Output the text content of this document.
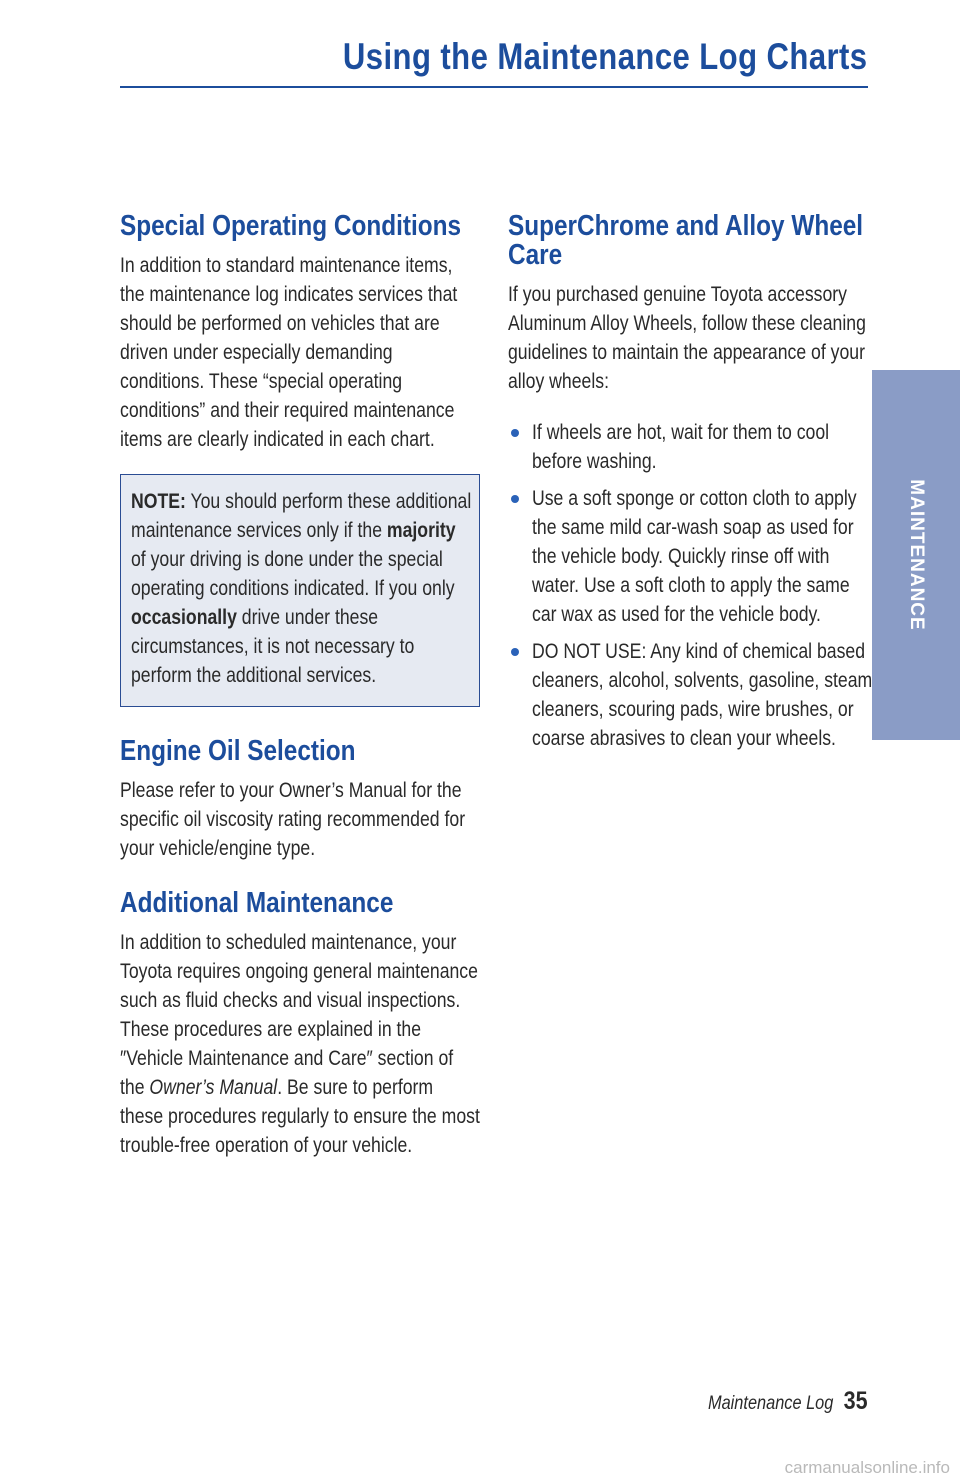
Using the Maintenance Log Charts
Special Operating Conditions

In addition to standard maintenance items, the maintenance log indicates services that should be performed on vehicles that are driven under especially demanding conditions. These “special operating conditions” and their required maintenance items are clearly indicated in each chart.

NOTE: You should perform these additional maintenance services only if the majority of your driving is done under the special operating conditions indicated. If you only occasionally drive under these circumstances, it is not necessary to perform the additional services.

Engine Oil Selection

Please refer to your Owner’s Manual for the specific oil viscosity rating recommended for your vehicle/engine type.

Additional Maintenance

In addition to scheduled maintenance, your Toyota requires ongoing general maintenance such as fluid checks and visual inspections. These procedures are explained in the ″Vehicle Maintenance and Care″ section of the Owner’s Manual. Be sure to perform these procedures regularly to ensure the most trouble-free operation of your vehicle.

SuperChrome and Alloy Wheel Care

If you purchased genuine Toyota accessory Aluminum Alloy Wheels, follow these cleaning guidelines to maintain the appearance of your alloy wheels:

If wheels are hot, wait for them to cool before washing.

Use a soft sponge or cotton cloth to apply the same mild car-wash soap as used for the vehicle body. Quickly rinse off with water. Use a soft cloth to apply the same car wax as used for the vehicle body.

DO NOT USE: Any kind of chemical based cleaners, alcohol, solvents, gasoline, steam cleaners, scouring pads, wire brushes, or coarse abrasives to clean your wheels.

MAINTENANCE
Maintenance Log 35
carmanualsonline.info
